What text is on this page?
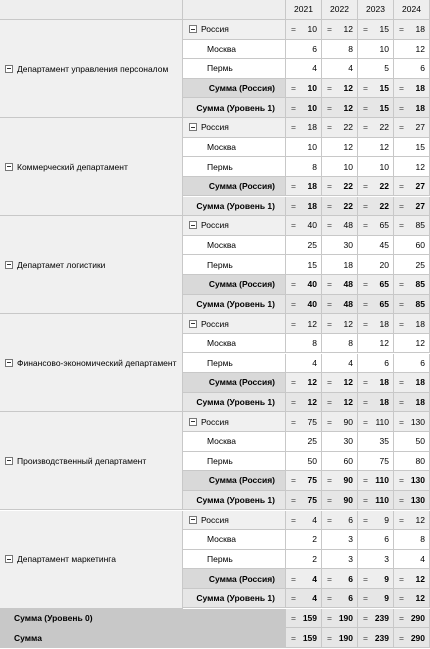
2021	2022	2023	2024
Департамент управления персоналом
Россия	= 10 = 12 = 15 = 18
Москва	6	8	10	12
Пермь	4	4	5	6
Сумма (Россия) = 10 = 12 = 15 = 18
Сумма (Уровень 1) = 10 = 12 = 15 = 18
Коммерческий департамент
Россия	= 18 = 22 = 22 = 27
Москва	10	12	12	15
Пермь	8	10	10	12
Сумма (Россия) = 18 = 22 = 22 = 27
Сумма (Уровень 1) = 18 = 22 = 22 = 27
Департамет логистики
Россия	= 40 = 48 = 65 = 85
Москва	25	30	45	60
Пермь	15	18	20	25
Сумма (Россия) = 40 = 48 = 65 = 85
Сумма (Уровень 1) = 40 = 48 = 65 = 85
Финансово-экономический департамент
Россия	= 12 = 12 = 18 = 18
Москва	8	8	12	12
Пермь	4	4	6	6
Сумма (Россия) = 12 = 12 = 18 = 18
Сумма (Уровень 1) = 12 = 12 = 18 = 18
Производственный департамент
Россия	= 75 = 90 = 110 = 130
Москва	25	30	35	50
Пермь	50	60	75	80
Сумма (Россия) = 75 = 90 = 110 = 130
Сумма (Уровень 1) = 75 = 90 = 110 = 130
Департамент маркетинга
Россия	= 4 = 6 = 9 = 12
Москва	2	3	6	8
Пермь	2	3	3	4
Сумма (Россия) = 4 = 6 = 9 = 12
Сумма (Уровень 1) = 4 = 6 = 9 = 12
Сумма (Уровень 0)	= 159 = 190 = 239 = 290
Сумма	= 159 = 190 = 239 = 290
